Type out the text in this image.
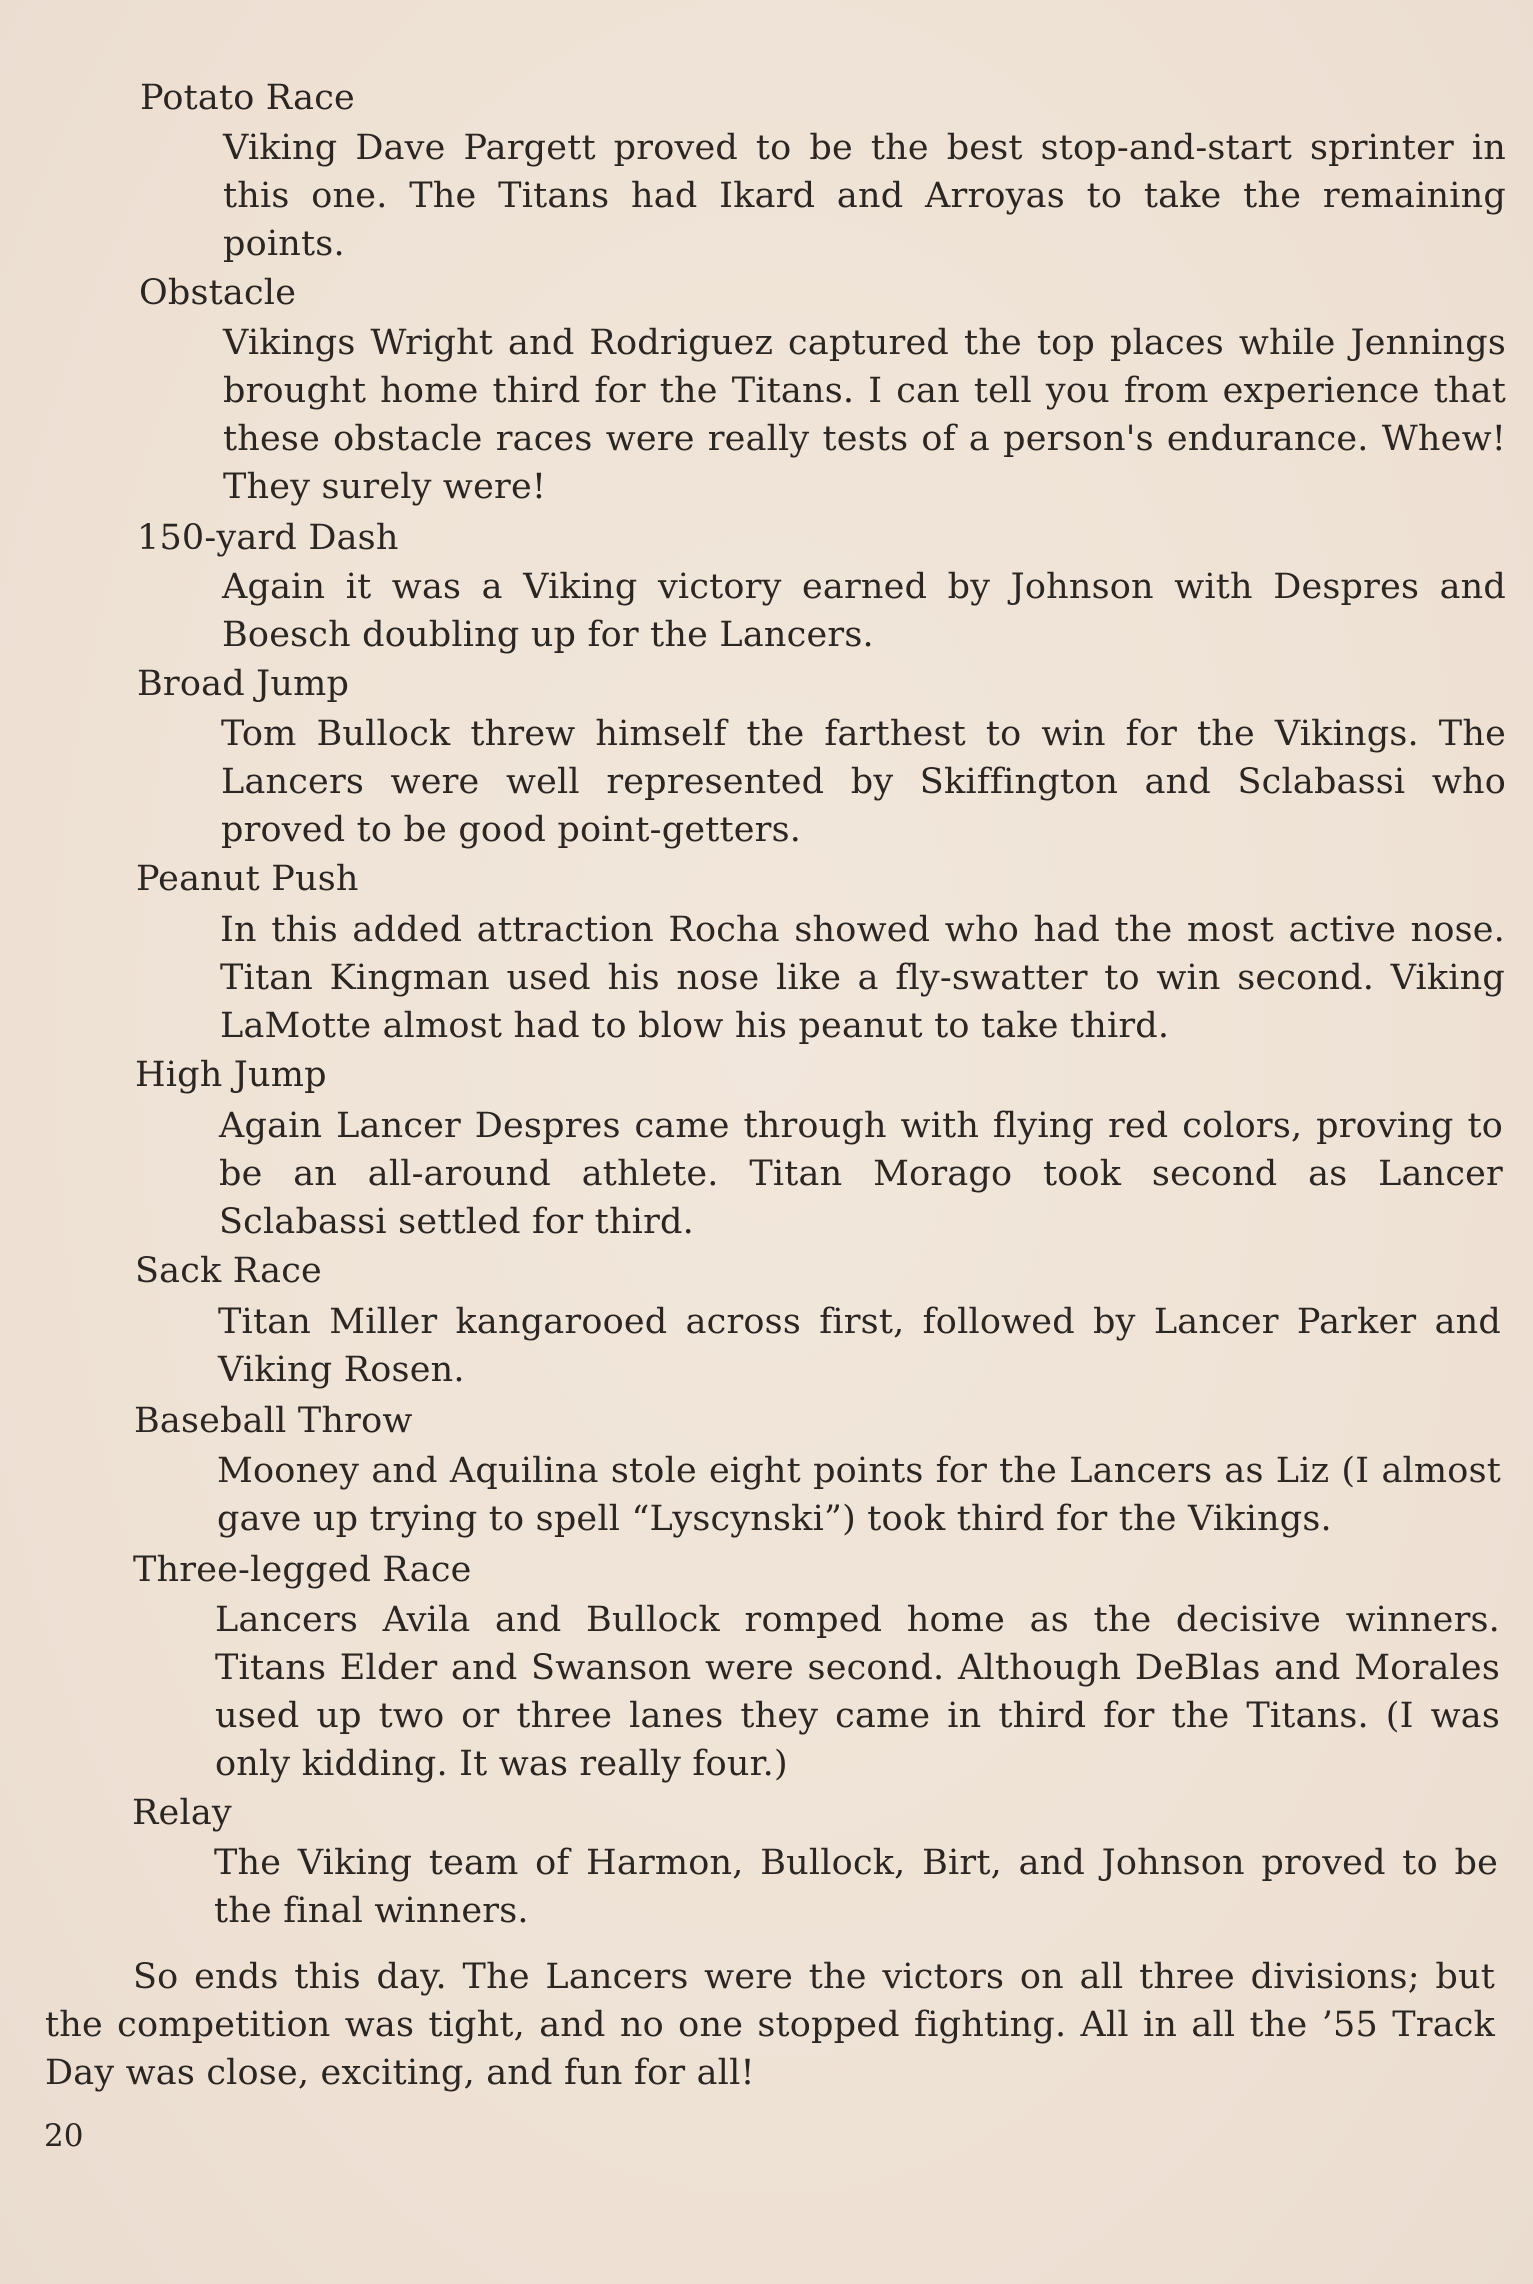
Potato Race
Viking Dave Pargett proved to be the best stop-and-start sprinter in this one. The Titans had Ikard and Arroyas to take the remaining points.
Obstacle
Vikings Wright and Rodriguez captured the top places while Jennings brought home third for the Titans. I can tell you from experience that these obstacle races were really tests of a person's endurance. Whew! They surely were!
150-yard Dash
Again it was a Viking victory earned by Johnson with Despres and Boesch doubling up for the Lancers.
Broad Jump
Tom Bullock threw himself the farthest to win for the Vikings. The Lancers were well represented by Skiffington and Sclabassi who proved to be good point-getters.
Peanut Push
In this added attraction Rocha showed who had the most active nose. Titan Kingman used his nose like a fly-swatter to win second. Viking LaMotte almost had to blow his peanut to take third.
High Jump
Again Lancer Despres came through with flying red colors, proving to be an all-around athlete. Titan Morago took second as Lancer Sclabassi settled for third.
Sack Race
Titan Miller kangarooed across first, followed by Lancer Parker and Viking Rosen.
Baseball Throw
Mooney and Aquilina stole eight points for the Lancers as Liz (I almost gave up trying to spell “Lyscynski”) took third for the Vikings.
Three-legged Race
Lancers Avila and Bullock romped home as the decisive winners. Titans Elder and Swanson were second. Although DeBlas and Morales used up two or three lanes they came in third for the Titans. (I was only kidding. It was really four.)
Relay
The Viking team of Harmon, Bullock, Birt, and Johnson proved to be the final winners.
So ends this day. The Lancers were the victors on all three divisions; but the competition was tight, and no one stopped fighting. All in all the ’55 Track Day was close, exciting, and fun for all!
20
